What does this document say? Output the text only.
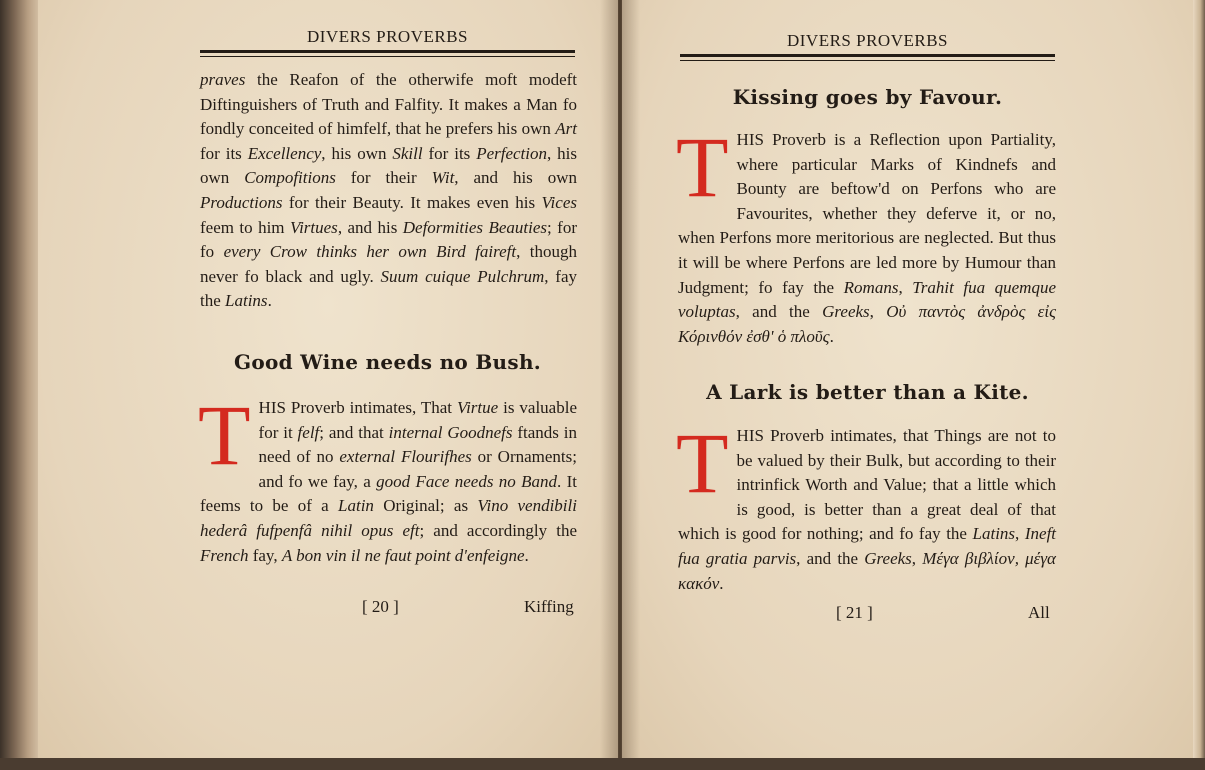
DIVERS PROVERBS

praves the Reafon of the otherwife moft modeft Diftinguishers of Truth and Falfity. It makes a Man fo fondly conceited of himfelf, that he prefers his own Art for its Excellency, his own Skill for its Perfection, his own Compofitions for their Wit, and his own Productions for their Beauty. It makes even his Vices feem to him Virtues, and his Deformities Beauties; for fo every Crow thinks her own Bird faireft, though never fo black and ugly. Suum cuique Pulchrum, fay the Latins.

Good Wine needs no Bush.
T HIS Proverb intimates, That Virtue is valuable for it felf; and that internal Goodnefs ftands in need of no external Flourifhes or Ornaments; and fo we fay, a good Face needs no Band. It feems to be of a Latin Original; as Vino vendibili hederâ fufpenfâ nihil opus eft; and accordingly the French fay, A bon vin il ne faut point d'enfeigne.

[ 20 ]	Kiffing
DIVERS PROVERBS
Kissing goes by Favour.
T HIS Proverb is a Reflection upon Partiality, where particular Marks of Kindnefs and Bounty are beftow'd on Perfons who are Favourites, whether they deferve it, or no, when Perfons more meritorious are neglected. But thus it will be where Perfons are led more by Humour than Judgment; fo fay the Romans, Trahit fua quemque voluptas, and the Greeks, Οὐ παντὸς ἀνδρὸς εἰς Κόρινθόν ἐσθ' ὁ πλοῦς.

A Lark is better than a Kite.
T HIS Proverb intimates, that Things are not to be valued by their Bulk, but according to their intrinfick Worth and Value; that a little which is good, is better than a great deal of that which is good for nothing; and fo fay the Latins, Ineft fua gratia parvis, and the Greeks, Μέγα βιβλίον, μέγα κακόν.

[ 21 ]	All
